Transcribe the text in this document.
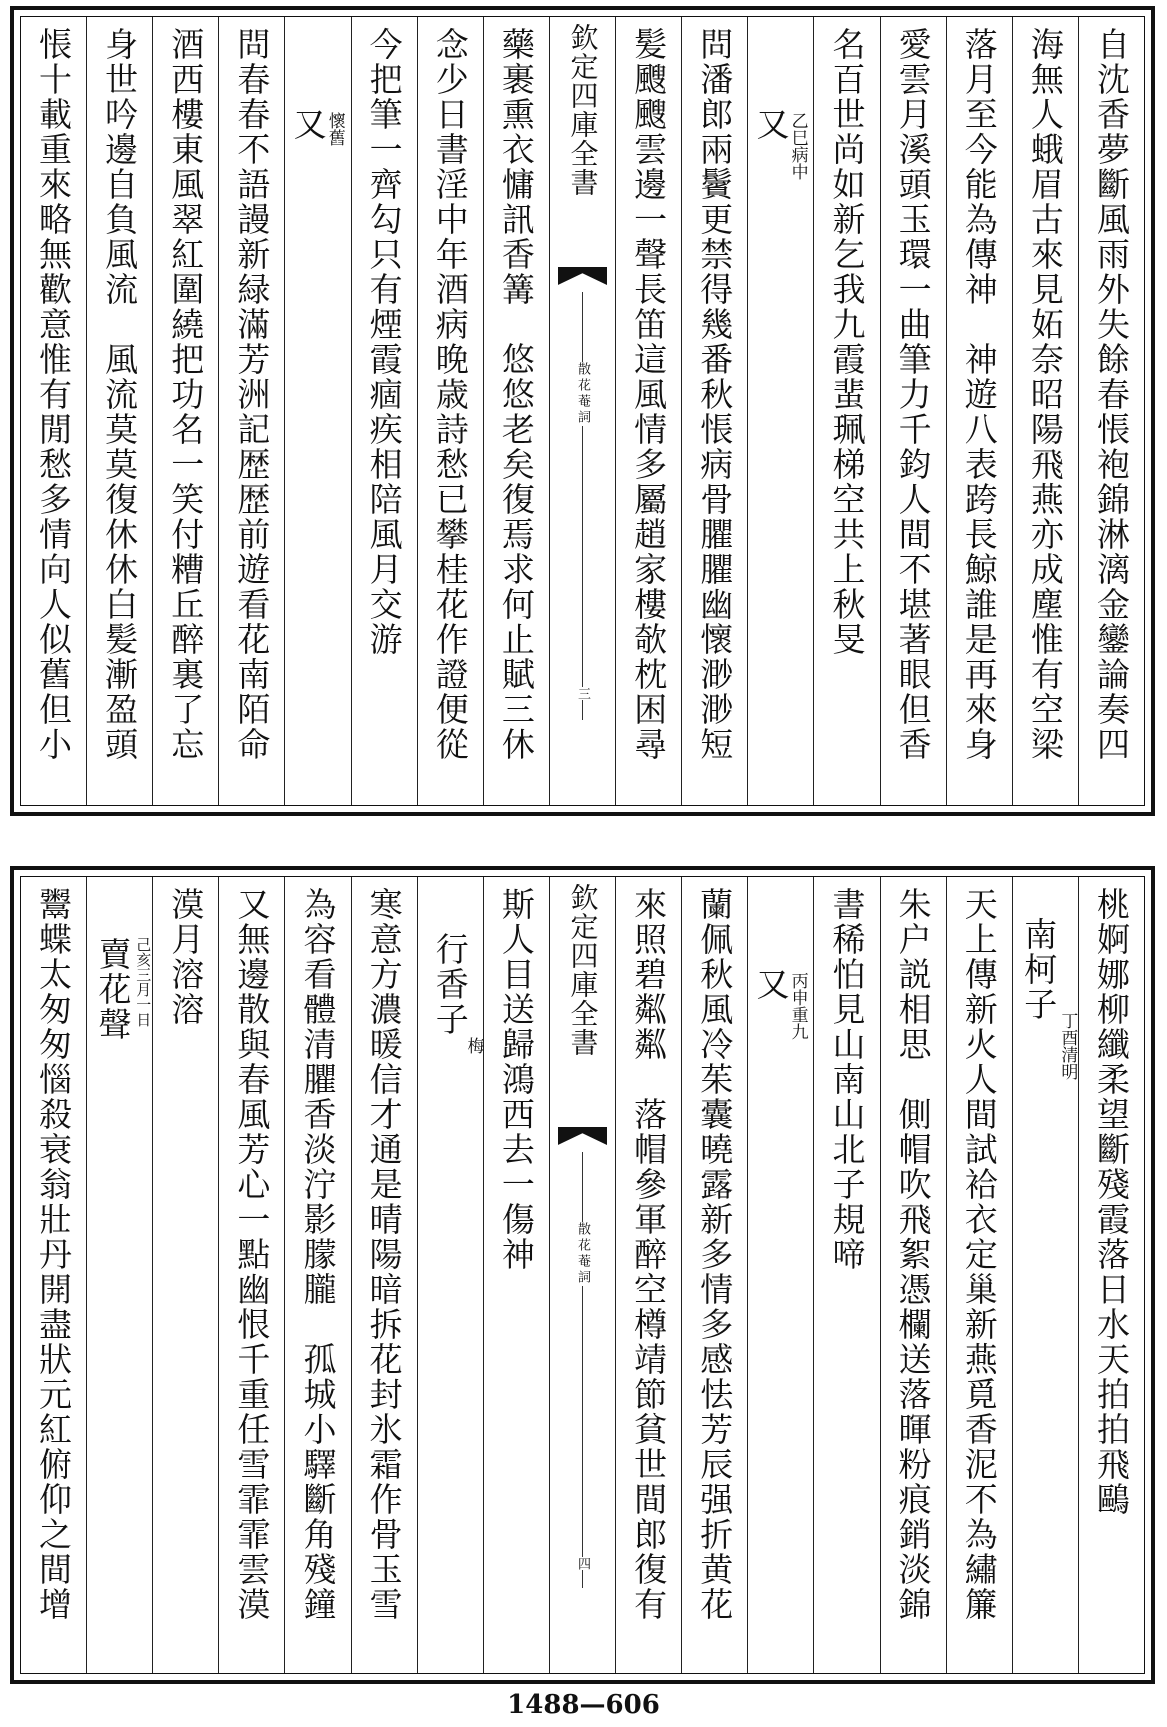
自沈香夢斷風雨外失餘春悵袍錦淋漓金鑾論奏四
海無人蛾眉古來見妬奈昭陽飛燕亦成塵惟有空梁
落月至今能為傳神　神遊八表跨長鯨誰是再來身
愛雲月溪頭玉環一曲筆力千鈞人間不堪著眼但香
名百世尚如新乞我九霞蜚珮梯空共上秋旻
又
乙巳病中
問潘郎兩鬢更禁得幾番秋悵病骨臞臞幽懷渺渺短
髪颼颼雲邊一聲長笛這風情多屬趙家樓欹枕困尋
欽定四庫全書
散花菴詞
三
藥裹熏衣慵訊香篝　悠悠老矣復焉求何止賦三休
念少日書淫中年酒病晚歳詩愁已攀桂花作證便從
今把筆一齊勾只有煙霞痼疾相陪風月交游
又
懷舊
問春春不語謾新緑滿芳洲記歴歴前遊看花南陌命
酒西樓東風翠紅圍繞把功名一笑付糟丘醉裏了忘
身世吟邊自負風流　風流莫莫復休休白髪漸盈頭
悵十載重來略無歡意惟有閒愁多情向人似舊但小
桃婀娜柳纖柔望斷殘霞落日水天拍拍飛鷗
南柯子
丁酉清明
天上傳新火人間試袷衣定巢新燕覓香泥不為繡簾
朱户説相思　側帽吹飛絮憑欄送落暉粉痕銷淡錦
書稀怕見山南山北子規啼
又
丙申重九
蘭佩秋風冷茱囊曉露新多情多感怯芳辰强折黄花
來照碧粼粼　落帽參軍醉空樽靖節貧世間郎復有
欽定四庫全書
散花菴詞
四
斯人目送歸鴻西去一傷神
行香子
梅
寒意方濃暖信才通是晴陽暗拆花封氷霜作骨玉雪
為容看體清臞香淡泞影朦朧　孤城小驛斷角殘鐘
又無邊散與春風芳心一點幽恨千重任雪霏霏雲漠
漠月溶溶
賣花聲 己亥三月一日
鬻蝶太匆匆惱殺衰翁壯丹開盡狀元紅俯仰之間增
1488—606
